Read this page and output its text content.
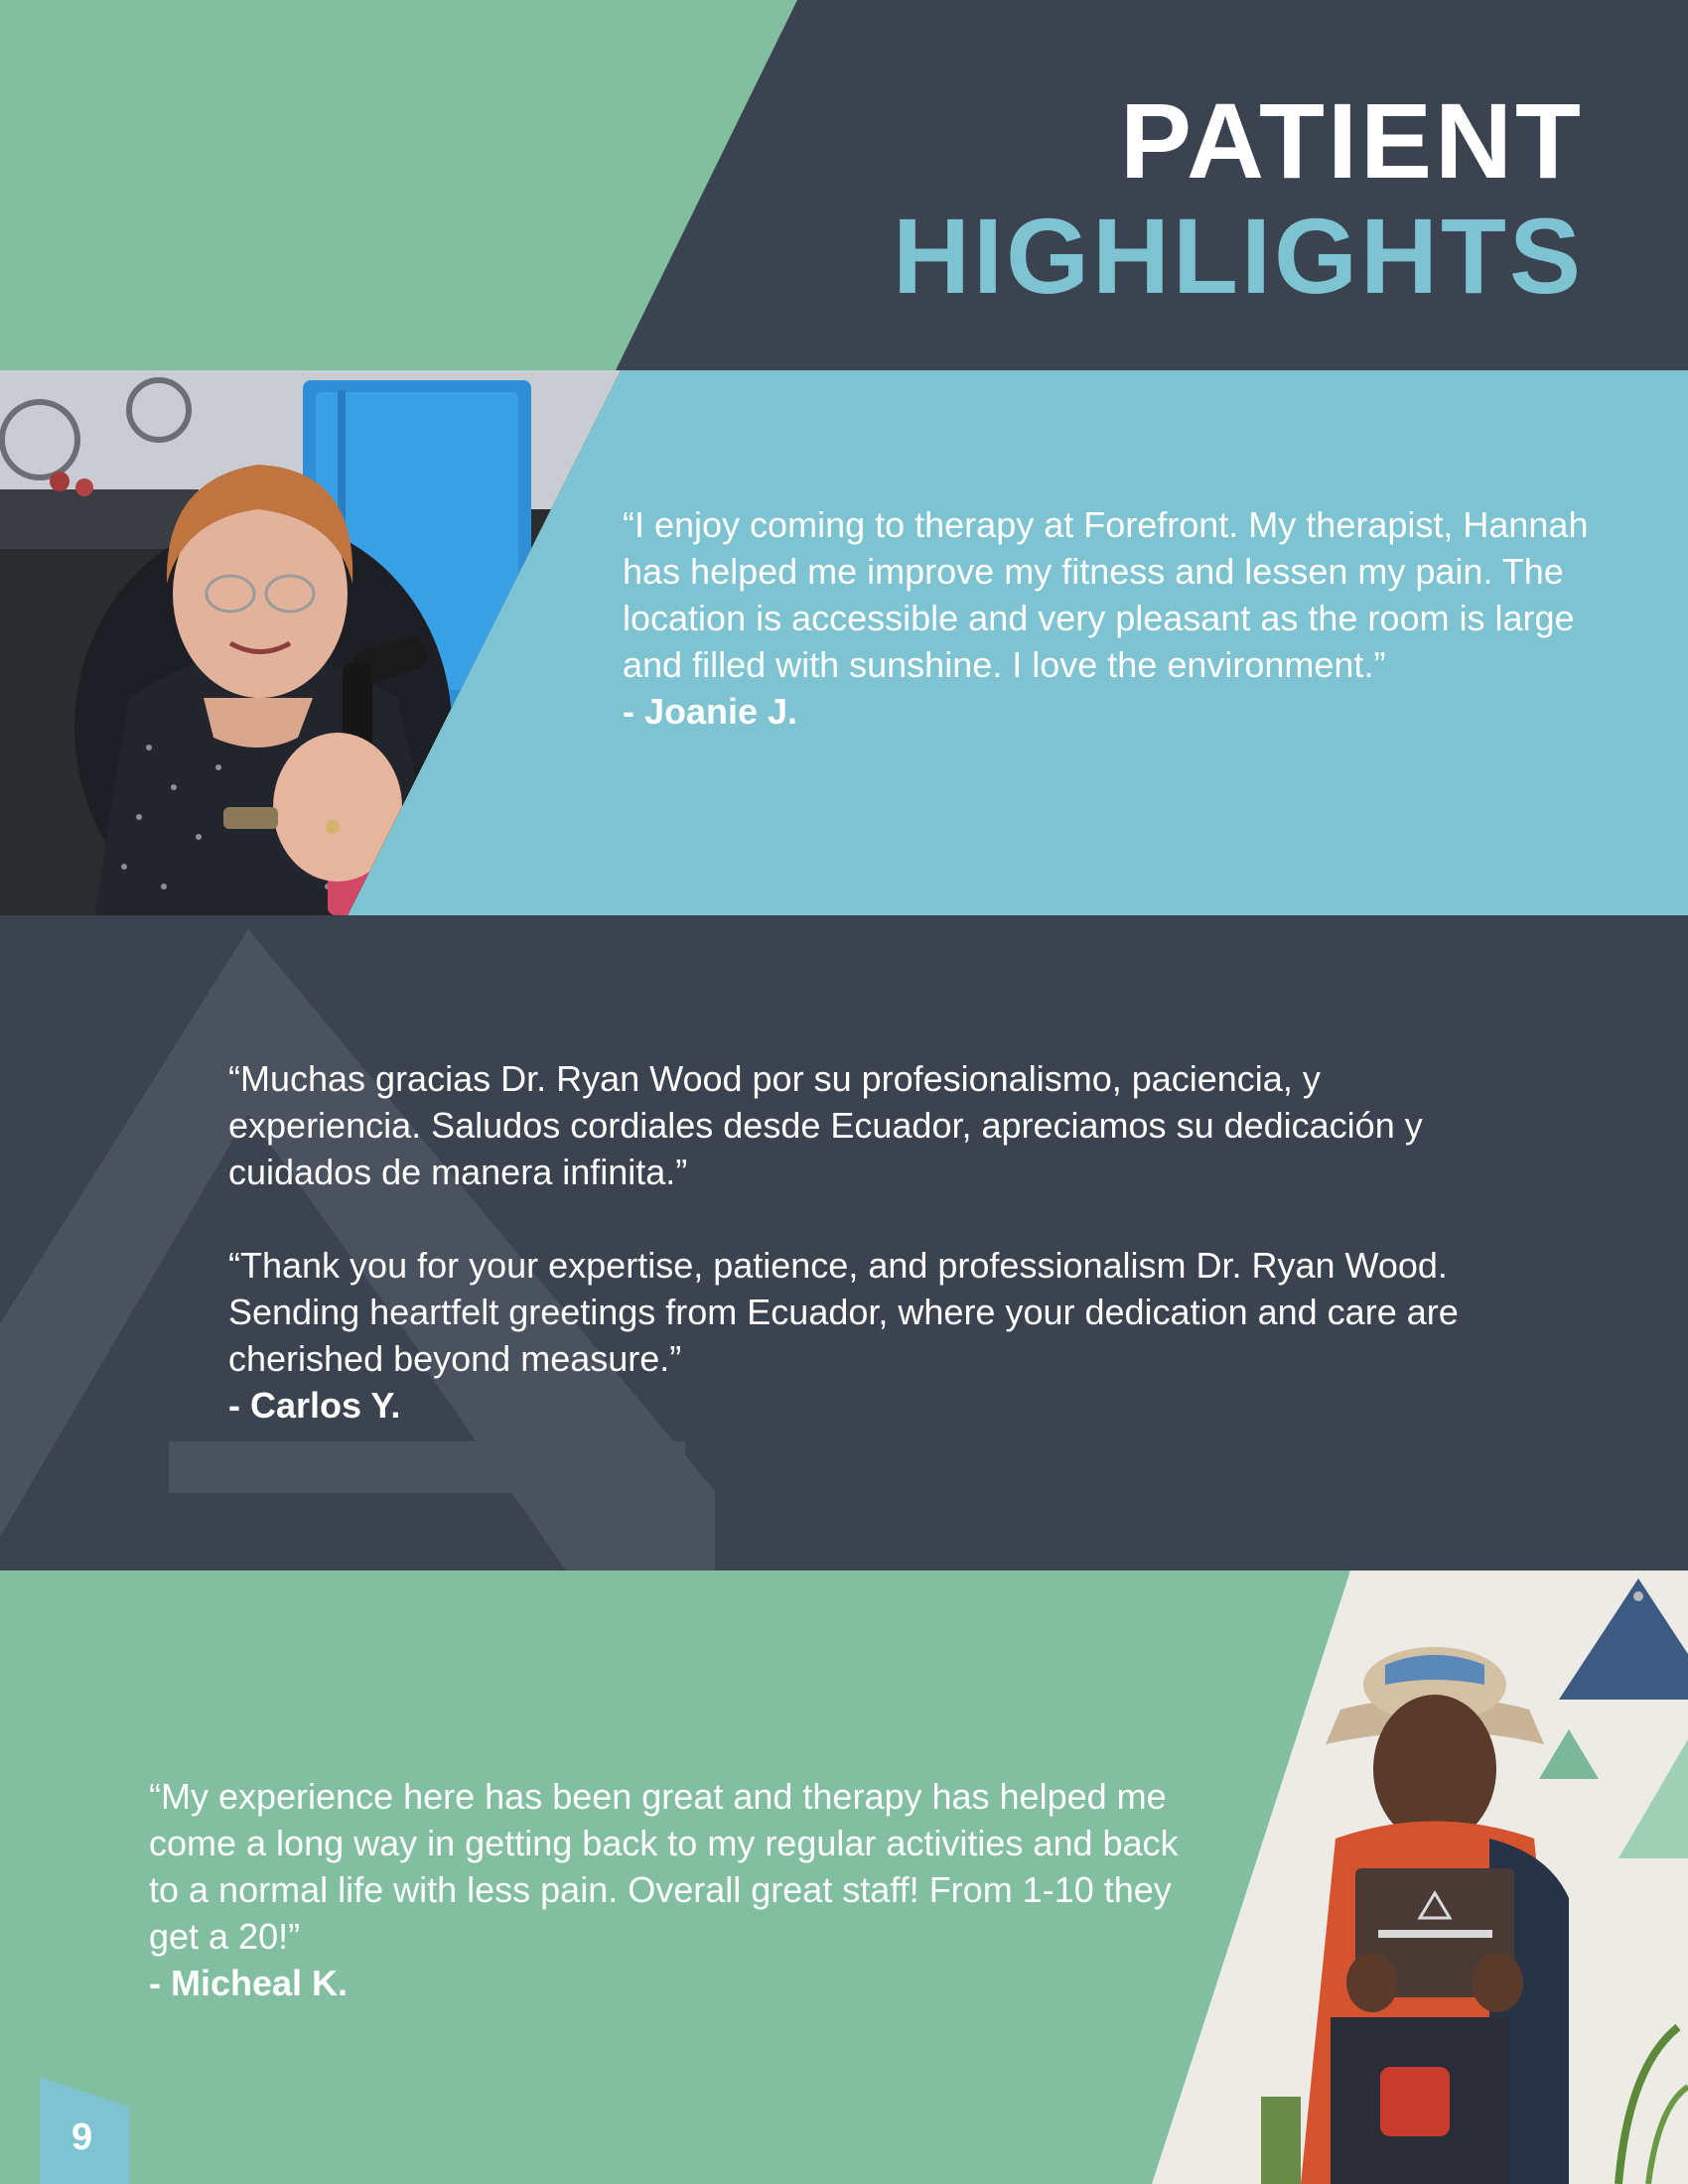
PATIENT
HIGHLIGHTS

“I enjoy coming to therapy at Forefront. My therapist, Hannah has helped me improve my fitness and lessen my pain. The location is accessible and very pleasant as the room is large and filled with sunshine. I love the environment.”

- Joanie J.

“Muchas gracias Dr. Ryan Wood por su profesionalismo, paciencia, y experiencia. Saludos cordiales desde Ecuador, apreciamos su dedicación y cuidados de manera infinita.”

“Thank you for your expertise, patience, and professionalism Dr. Ryan Wood. Sending heartfelt greetings from Ecuador, where your dedication and care are cherished beyond measure.”

- Carlos Y.

“My experience here has been great and therapy has helped me come a long way in getting back to my regular activities and back to a normal life with less pain. Overall great staff! From 1-10 they get a 20!”

- Micheal K.

9
